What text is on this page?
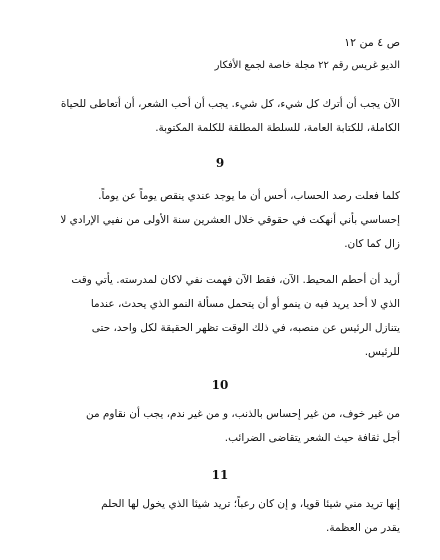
ص ٤ من ١٢
الديو غريس رقم ٢٢ مجلة خاصة لجمع الأفكار
الآن يجب أن أترك كل شيء، كل شيء. يجب أن أحب الشعر، أن أتعاطى للحياة
الكاملة، للكتابة العامة، للسلطة المطلقة للكلمة المكتوبة.
9
كلما فعلت رصد الحساب، أحس أن ما يوجد عندي ينقص يوماً عن يوماً.
إحساسي بأني أنهكت في حقوقي خلال العشرين سنة الأولى من نفيي الإرادي لا
زال كما كان.
أريد أن أحطم المحيط. الآن، فقط الآن فهمت نفي لاكان لمدرسته. يأتي وقت
الذي لا أحد يريد فيه ن ينمو أو أن يتحمل مسألة النمو الذي يحدث، عندما
يتنازل الرئيس عن منصبه، في ذلك الوقت تظهر الحقيقة لكل واحد، حتى
للرئيس.
10
من غير خوف، من غير إحساس بالذنب، و من غير ندم، يجب أن نقاوم من
أجل ثقافة حيث الشعر يتقاضى الضرائب.
11
إنها تريد مني شيئا قويا، و إن كان رعباً؛ تريد شيئا الذي يخول لها الحلم
يقدر من العظمة.
